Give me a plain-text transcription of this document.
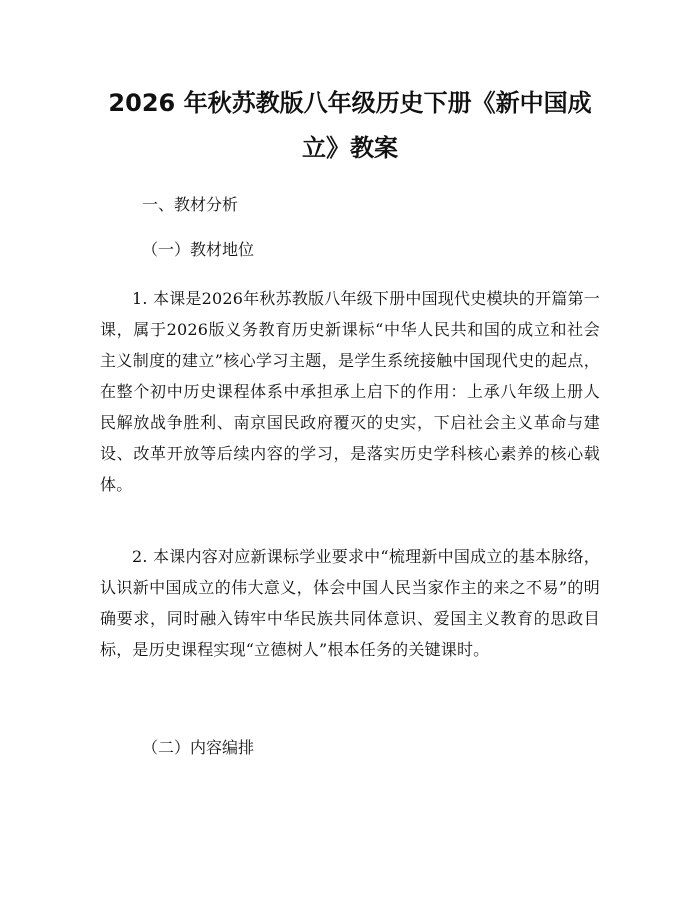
2026 年秋苏教版八年级历史下册《新中国成
立》教案

一、教材分析

（一）教材地位

1. 本课是2026年秋苏教版八年级下册中国现代史模块的开篇第一课，属于2026版义务教育历史新课标“中华人民共和国的成立和社会主义制度的建立”核心学习主题，是学生系统接触中国现代史的起点，在整个初中历史课程体系中承担承上启下的作用：上承八年级上册人民解放战争胜利、南京国民政府覆灭的史实，下启社会主义革命与建设、改革开放等后续内容的学习，是落实历史学科核心素养的核心载体。

2. 本课内容对应新课标学业要求中“梳理新中国成立的基本脉络，认识新中国成立的伟大意义，体会中国人民当家作主的来之不易”的明确要求，同时融入铸牢中华民族共同体意识、爱国主义教育的思政目标，是历史课程实现“立德树人”根本任务的关键课时。

（二）内容编排
